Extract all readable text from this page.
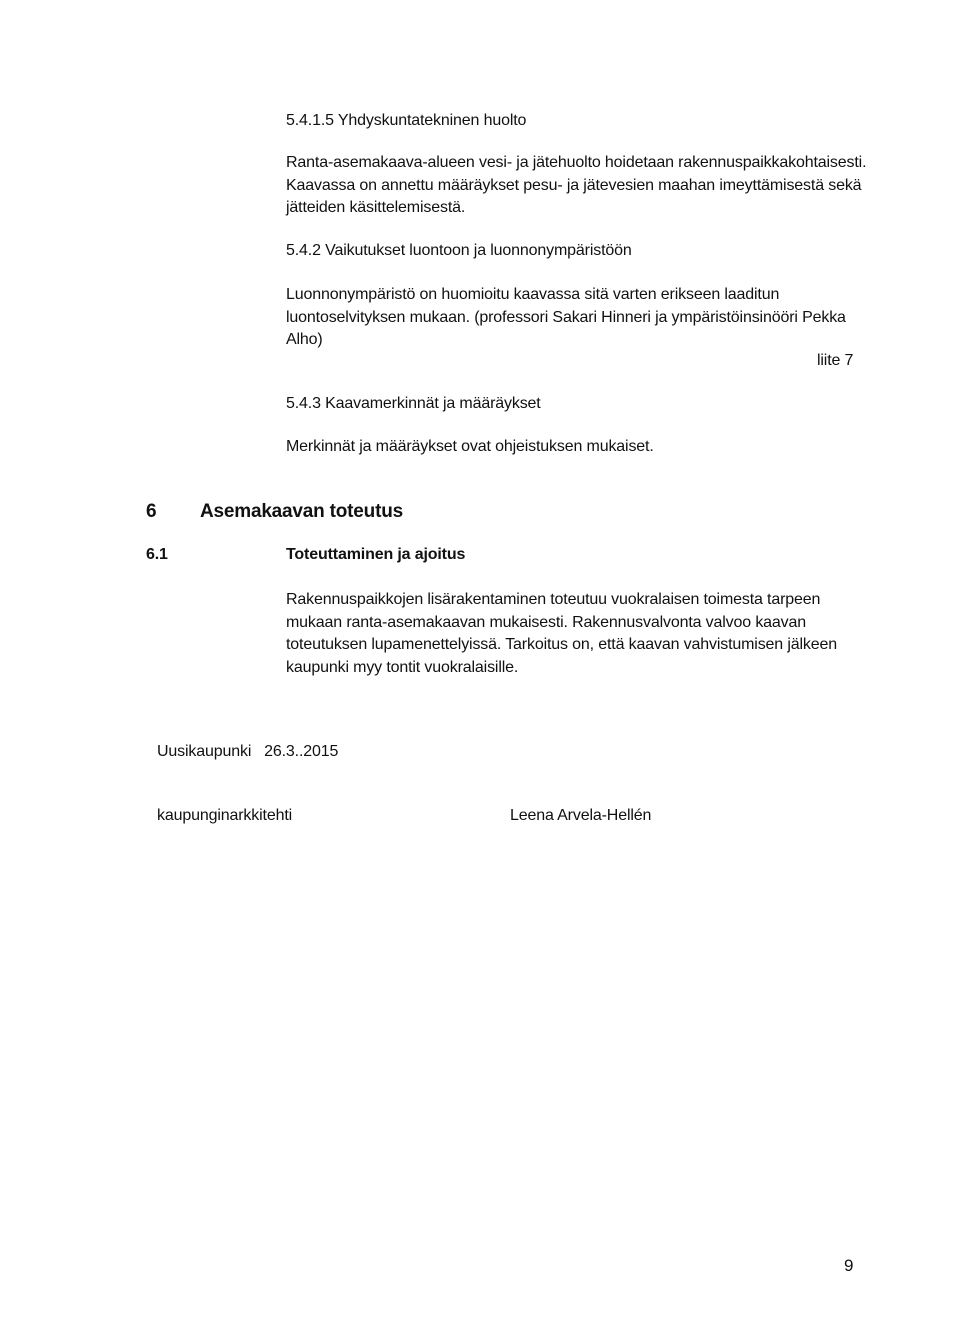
5.4.1.5 Yhdyskuntatekninen huolto
Ranta-asemakaava-alueen vesi- ja jätehuolto hoidetaan rakennuspaikkakohtaisesti.
Kaavassa on annettu määräykset pesu- ja jätevesien maahan imeyttämisestä sekä
jätteiden käsittelemisestä.
5.4.2 Vaikutukset luontoon ja luonnonympäristöön
Luonnonympäristö on huomioitu kaavassa sitä varten erikseen laaditun
luontoselvityksen mukaan. (professori Sakari Hinneri ja ympäristöinsinööri Pekka
Alho)
liite 7
5.4.3 Kaavamerkinnät ja määräykset
Merkinnät ja määräykset ovat ohjeistuksen mukaiset.
6 Asemakaavan toteutus
6.1	Toteuttaminen ja ajoitus
Rakennuspaikkojen lisärakentaminen toteutuu vuokralaisen toimesta tarpeen
mukaan ranta-asemakaavan mukaisesti. Rakennusvalvonta valvoo kaavan
toteutuksen lupamenettelyissä. Tarkoitus on, että kaavan vahvistumisen jälkeen
kaupunki myy tontit vuokralaisille.
Uusikaupunki   26.3..2015
kaupunginarkkitehti	Leena Arvela-Hellén
9
